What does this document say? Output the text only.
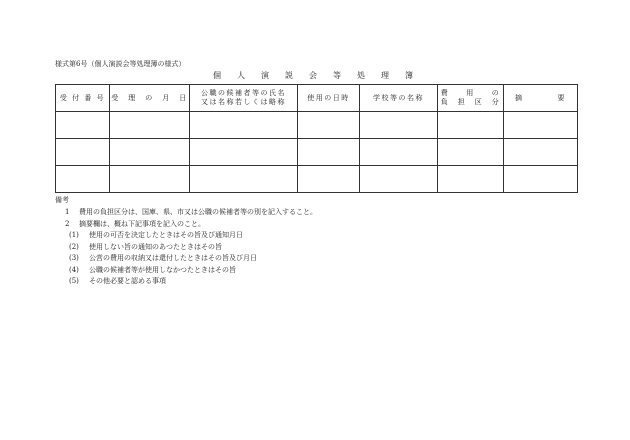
様式第6号（個人演説会等処理簿の様式）
個　人　演　説　会　等　処　理　簿
受 付 番 号	受　理　の　月　日	公職の候補者等の氏名
又は名称若しくは略称	使用の日時	学校等の名称	費　　用　　の
負　担　区　分	摘　　　　要

備考
1	費用の負担区分は、国庫、県、市又は公職の候補者等の別を記入すること。
2	摘要欄は、概ね下記事項を記入のこと。
(1)	使用の可否を決定したときはその旨及び通知月日
(2)	使用しない旨の通知のあつたときはその旨
(3)	公営の費用の収納又は還付したときはその旨及び月日
(4)	公職の候補者等が使用しなかつたときはその旨
(5)	その他必要と認める事項
